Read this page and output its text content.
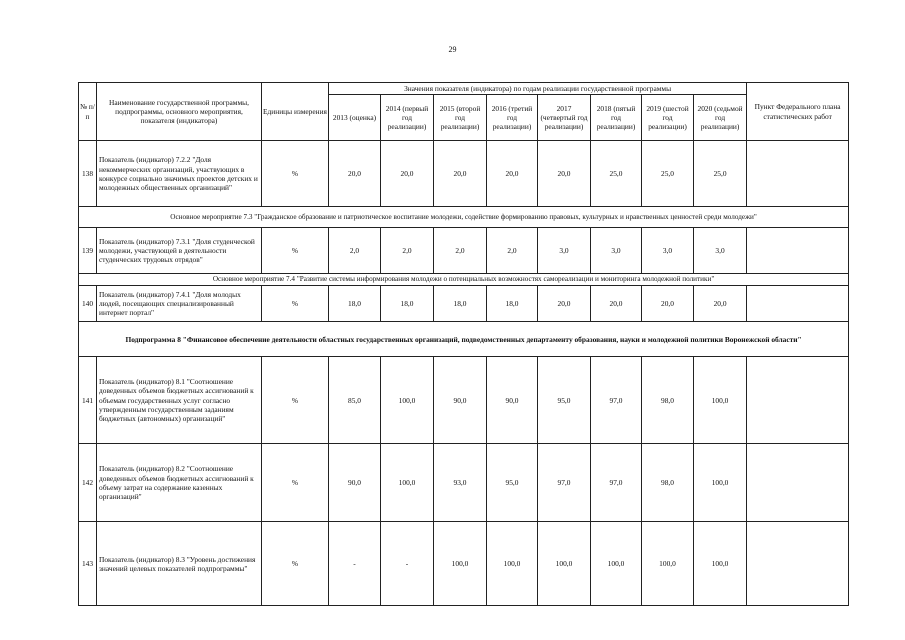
29
№ п/п	Наименование государственной программы, подпрограммы, основного мероприятия, показателя (индикатора)	Единицы измерения	Значения показателя (индикатора) по годам реализации государственной программы								Пункт Федерального плана статистических работ
			2013 (оценка)	2014 (первый год реализации)	2015 (второй год реализации)	2016 (третий год реализации)	2017 (четвертый год реализации)	2018 (пятый год реализации)	2019 (шестой год реализации)	2020 (седьмой год реализации)	
138	Показатель (индикатор) 7.2.2 "Доля некоммерческих организаций, участвующих в конкурсе социально значимых проектов детских и молодежных общественных организаций"	%	20,0	20,0	20,0	20,0	20,0	25,0	25,0	25,0	
Основное мероприятие 7.3 "Гражданское образование и патриотическое воспитание молодежи, содействие формированию правовых, культурных и нравственных ценностей среди молодежи"											
139	Показатель (индикатор) 7.3.1 "Доля студенческой молодежи, участвующей в деятельности студенческих трудовых отрядов"	%	2,0	2,0	2,0	2,0	3,0	3,0	3,0	3,0	
Основное мероприятие 7.4 "Развитие системы информирования молодежи о потенциальных возможностях самореализации и мониторинга молодежной политики"											
140	Показатель (индикатор) 7.4.1 "Доля молодых людей, посещающих специализированный интернет портал"	%	18,0	18,0	18,0	18,0	20,0	20,0	20,0	20,0	
Подпрограмма 8 "Финансовое обеспечение деятельности областных государственных организаций, подведомственных департаменту образования, науки и молодежной политики Воронежской области"											
141	Показатель (индикатор) 8.1 "Соотношение доведенных объемов бюджетных ассигнований к объемам государственных услуг согласно утвержденным государственным заданиям бюджетных (автономных) организаций"	%	85,0	100,0	90,0	90,0	95,0	97,0	98,0	100,0	
142	Показатель (индикатор) 8.2 "Соотношение доведенных объемов бюджетных ассигнований к объему затрат на содержание казенных организаций"	%	90,0	100,0	93,0	95,0	97,0	97,0	98,0	100,0	
143	Показатель (индикатор) 8.3 "Уровень достижения значений целевых показателей подпрограммы"	%	-	-	100,0	100,0	100,0	100,0	100,0	100,0	
